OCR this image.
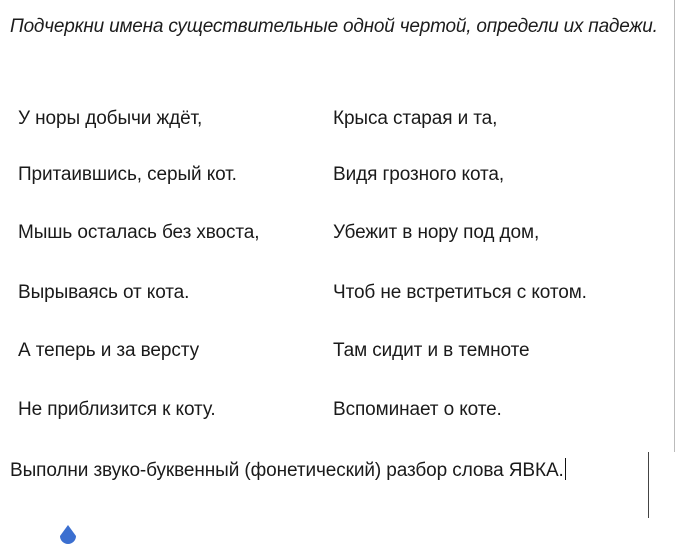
Подчеркни имена существительные одной чертой, определи их падежи.
У норы добычи ждёт,
Притаившись, серый кот.
Мышь осталась без хвоста,
Вырываясь от кота.
А теперь и за версту
Не приблизится к коту.
Крыса старая и та,
Видя грозного кота,
Убежит в нору под дом,
Чтоб не встретиться с котом.
Там сидит и в темноте
Вспоминает о коте.
Выполни звуко-буквенный (фонетический) разбор слова ЯВКА.
